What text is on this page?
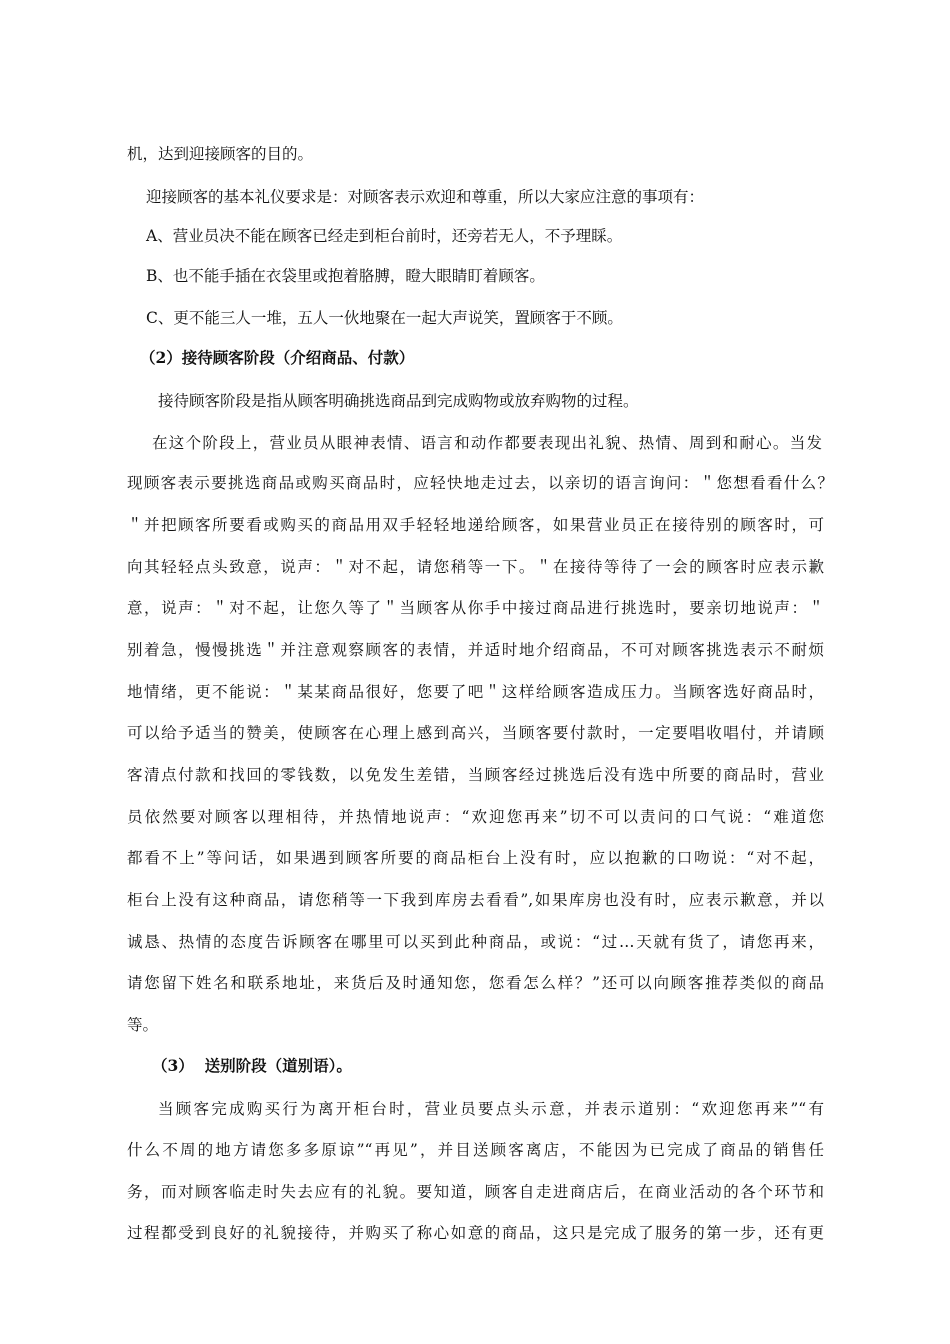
机，达到迎接顾客的目的。
迎接顾客的基本礼仪要求是：对顾客表示欢迎和尊重，所以大家应注意的事项有：
A、营业员决不能在顾客已经走到柜台前时，还旁若无人，不予理睬。
B、也不能手插在衣袋里或抱着胳膊，瞪大眼睛盯着顾客。
C、更不能三人一堆，五人一伙地聚在一起大声说笑，置顾客于不顾。
（2）接待顾客阶段（介绍商品、付款）
接待顾客阶段是指从顾客明确挑选商品到完成购物或放弃购物的过程。
在这个阶段上，营业员从眼神表情、语言和动作都要表现出礼貌、热情、周到和耐心。当发
现顾客表示要挑选商品或购买商品时，应轻快地走过去，以亲切的语言询问：＂您想看看什么？
＂并把顾客所要看或购买的商品用双手轻轻地递给顾客，如果营业员正在接待别的顾客时，可
向其轻轻点头致意，说声：＂对不起，请您稍等一下。＂在接待等待了一会的顾客时应表示歉
意，说声：＂对不起，让您久等了＂当顾客从你手中接过商品进行挑选时，要亲切地说声：＂
别着急，慢慢挑选＂并注意观察顾客的表情，并适时地介绍商品，不可对顾客挑选表示不耐烦
地情绪，更不能说：＂某某商品很好，您要了吧＂这样给顾客造成压力。当顾客选好商品时，
可以给予适当的赞美，使顾客在心理上感到高兴，当顾客要付款时，一定要唱收唱付，并请顾
客清点付款和找回的零钱数，以免发生差错，当顾客经过挑选后没有选中所要的商品时，营业
员依然要对顾客以理相待，并热情地说声：“欢迎您再来”切不可以责问的口气说：“难道您
都看不上”等问话，如果遇到顾客所要的商品柜台上没有时，应以抱歉的口吻说：“对不起，
柜台上没有这种商品，请您稍等一下我到库房去看看”,如果库房也没有时，应表示歉意，并以
诚恳、热情的态度告诉顾客在哪里可以买到此种商品，或说：“过…天就有货了，请您再来，
请您留下姓名和联系地址，来货后及时通知您，您看怎么样？”还可以向顾客推荐类似的商品
等。
（3）  送别阶段（道别语）。
当顾客完成购买行为离开柜台时，营业员要点头示意，并表示道别：“欢迎您再来”“有
什么不周的地方请您多多原谅”“再见”，并目送顾客离店，不能因为已完成了商品的销售任
务，而对顾客临走时失去应有的礼貌。要知道，顾客自走进商店后，在商业活动的各个环节和
过程都受到良好的礼貌接待，并购买了称心如意的商品，这只是完成了服务的第一步，还有更
